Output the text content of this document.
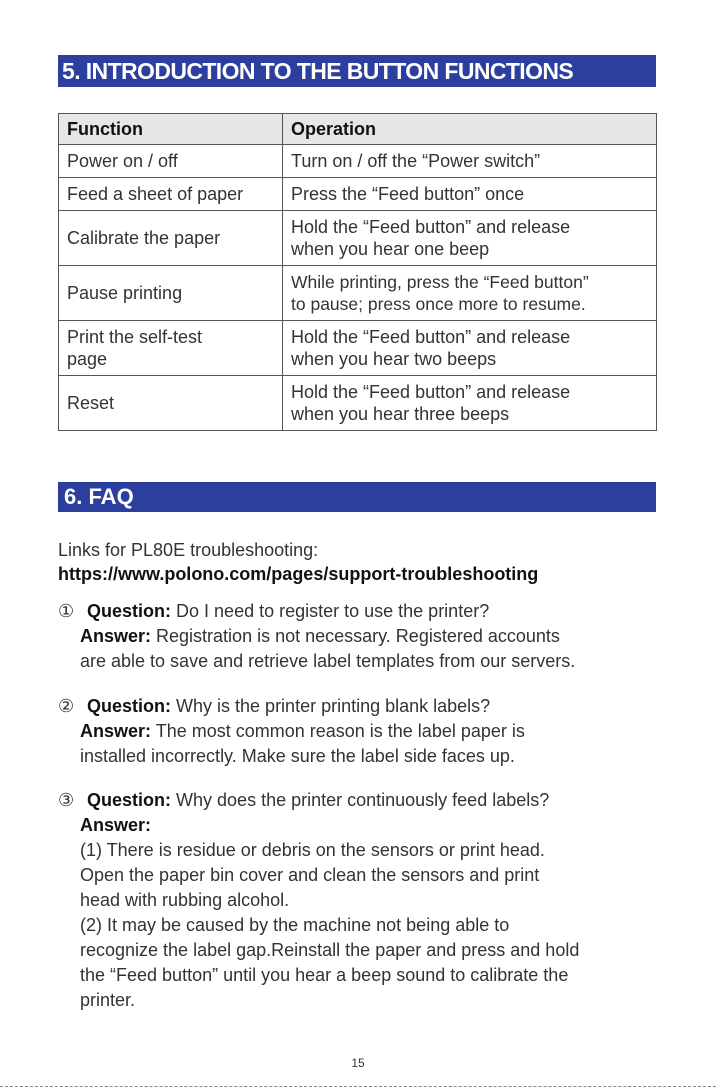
5. INTRODUCTION TO THE BUTTON FUNCTIONS
Function	Operation
Power on / off	Turn on / off the “Power switch”
Feed a sheet of paper	Press the “Feed button” once
Calibrate the paper	Hold the “Feed button” and release
when you hear one beep

Pause printing	While printing, press the “Feed button”
to pause; press once more to resume.

Print the self-test
page	Hold the “Feed button” and release
when you hear two beeps

Reset	Hold the “Feed button” and release
when you hear three beeps
6. FAQ
Links for PL80E troubleshooting:
https://www.polono.com/pages/support-troubleshooting
① Question: Do I need to register to use the printer?
Answer: Registration is not necessary. Registered accounts
are able to save and retrieve label templates from our servers.
② Question: Why is the printer printing blank labels?
Answer: The most common reason is the label paper is
installed incorrectly. Make sure the label side faces up.
③ Question: Why does the printer continuously feed labels?
Answer:
(1) There is residue or debris on the sensors or print head.
Open the paper bin cover and clean the sensors and print
head with rubbing alcohol.
(2) It may be caused by the machine not being able to
recognize the label gap.Reinstall the paper and press and hold
the “Feed button” until you hear a beep sound to calibrate the
printer.
15
